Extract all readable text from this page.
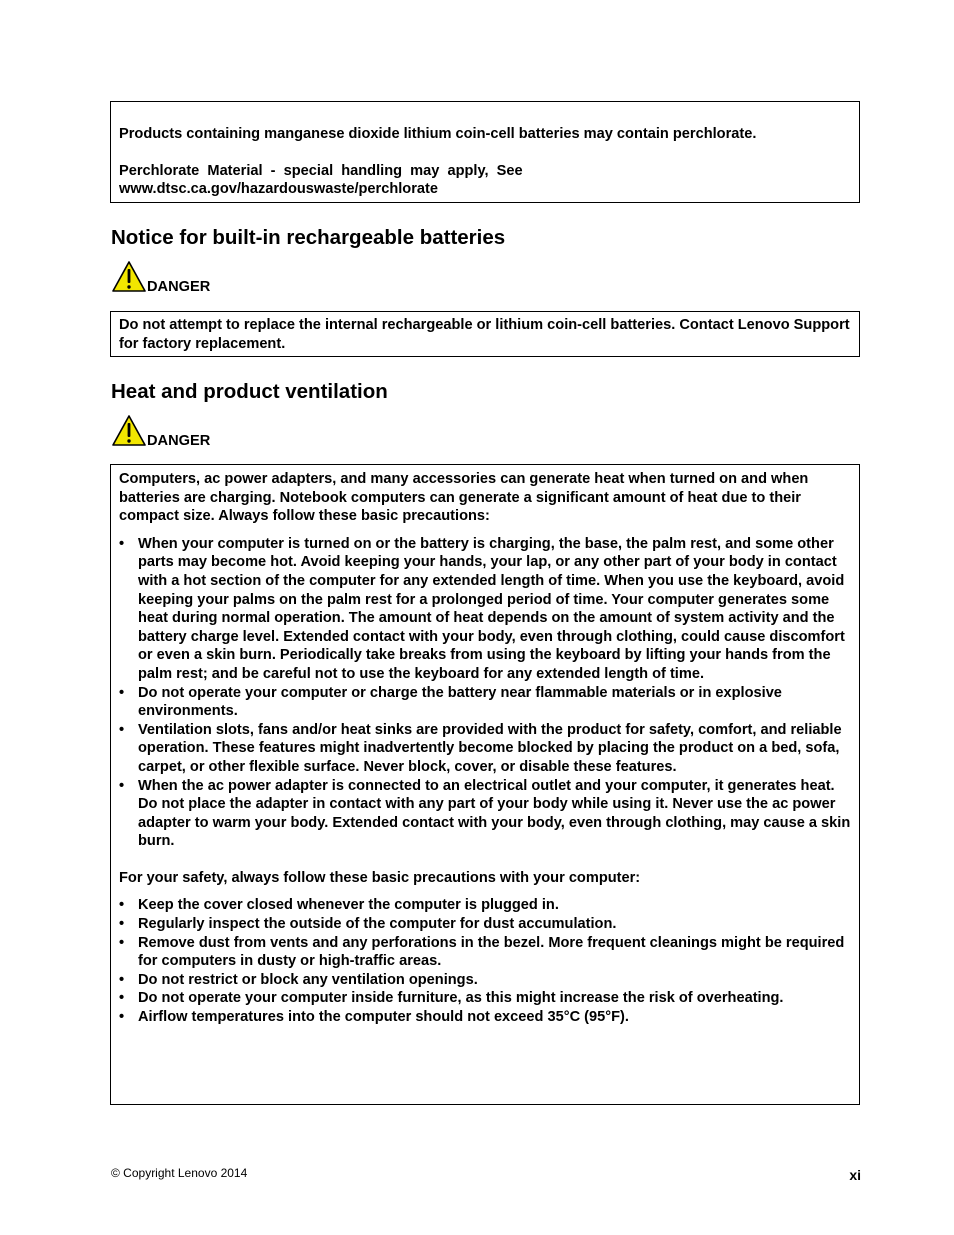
Products containing manganese dioxide lithium coin-cell batteries may contain perchlorate.

Perchlorate  Material  -  special  handling  may  apply,  See
www.dtsc.ca.gov/hazardouswaste/perchlorate

Notice for built-in rechargeable batteries
DANGER

Do not attempt to replace the internal rechargeable or lithium coin-cell batteries. Contact Lenovo Support for factory replacement.

Heat and product ventilation
DANGER

Computers, ac power adapters, and many accessories can generate heat when turned on and when batteries are charging. Notebook computers can generate a significant amount of heat due to their compact size. Always follow these basic precautions:

• When your computer is turned on or the battery is charging, the base, the palm rest, and some other parts may become hot. Avoid keeping your hands, your lap, or any other part of your body in contact with a hot section of the computer for any extended length of time. When you use the keyboard, avoid keeping your palms on the palm rest for a prolonged period of time. Your computer generates some heat during normal operation. The amount of heat depends on the amount of system activity and the battery charge level. Extended contact with your body, even through clothing, could cause discomfort or even a skin burn. Periodically take breaks from using the keyboard by lifting your hands from the palm rest; and be careful not to use the keyboard for any extended length of time.
• Do not operate your computer or charge the battery near flammable materials or in explosive environments.
• Ventilation slots, fans and/or heat sinks are provided with the product for safety, comfort, and reliable operation. These features might inadvertently become blocked by placing the product on a bed, sofa, carpet, or other flexible surface. Never block, cover, or disable these features.
• When the ac power adapter is connected to an electrical outlet and your computer, it generates heat. Do not place the adapter in contact with any part of your body while using it. Never use the ac power adapter to warm your body. Extended contact with your body, even through clothing, may cause a skin burn.

For your safety, always follow these basic precautions with your computer:

• Keep the cover closed whenever the computer is plugged in.
• Regularly inspect the outside of the computer for dust accumulation.
• Remove dust from vents and any perforations in the bezel. More frequent cleanings might be required for computers in dusty or high-traffic areas.
• Do not restrict or block any ventilation openings.
• Do not operate your computer inside furniture, as this might increase the risk of overheating.
• Airflow temperatures into the computer should not exceed 35°C (95°F).
© Copyright Lenovo 2014	xi
